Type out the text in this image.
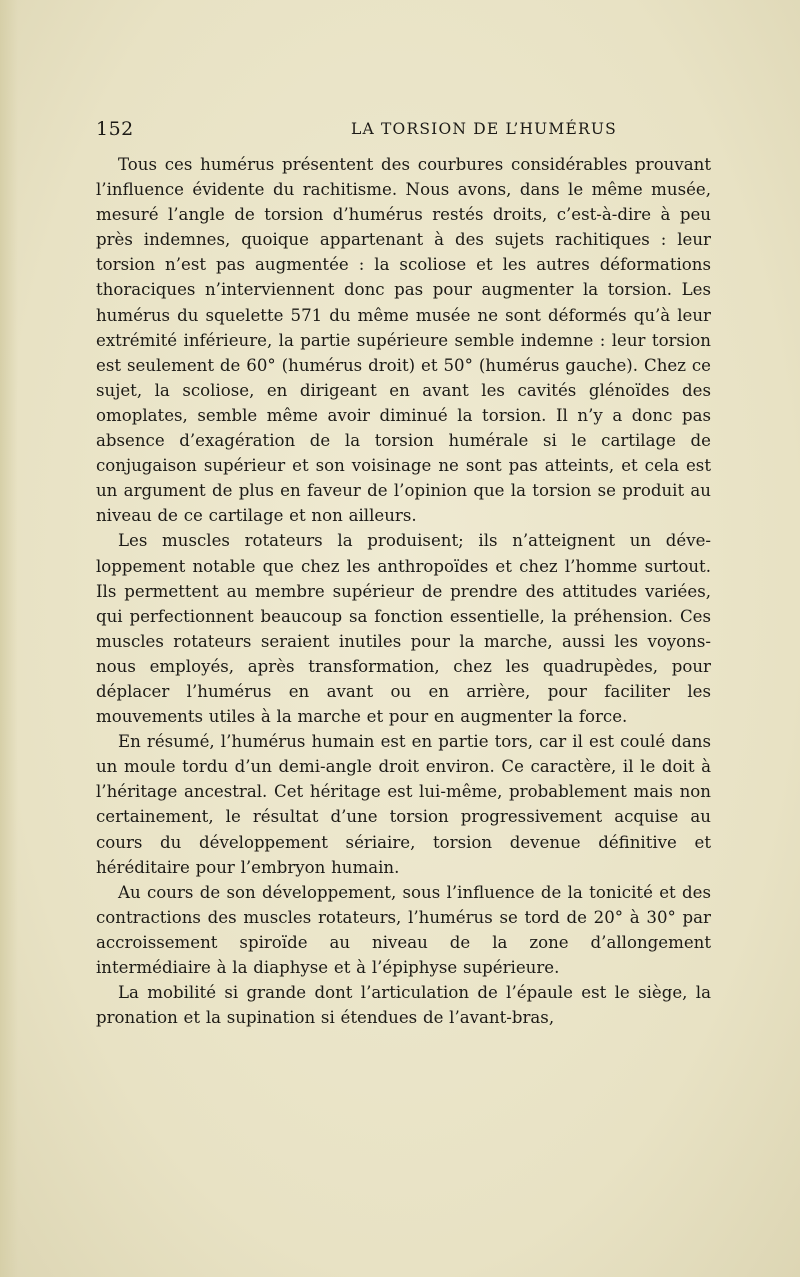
152	LA TORSION DE L’HUMÉRUS

Tous ces humérus présentent des courbures considérables prouvant l’influence évidente du rachitisme. Nous avons, dans le même musée, mesuré l’angle de torsion d’humérus restés droits, c’est-à-dire à peu près indemnes, quoique appartenant à des sujets rachitiques : leur torsion n’est pas augmentée : la scoliose et les autres déformations thoraciques n’interviennent donc pas pour augmenter la torsion. Les humérus du squelette 571 du même musée ne sont déformés qu’à leur extrémité inférieure, la partie supérieure semble indemne : leur torsion est seulement de 60° (humérus droit) et 50° (humérus gauche). Chez ce sujet, la scoliose, en dirigeant en avant les cavités glénoïdes des omoplates, semble même avoir diminué la torsion. Il n’y a donc pas absence d’exagération de la torsion humérale si le cartilage de conjugaison supérieur et son voisinage ne sont pas atteints, et cela est un argument de plus en faveur de l’opinion que la torsion se produit au niveau de ce cartilage et non ailleurs.

Les muscles rotateurs la produisent; ils n’atteignent un développement notable que chez les anthropoïdes et chez l’homme surtout. Ils permettent au membre supérieur de prendre des attitudes variées, qui perfectionnent beaucoup sa fonction essentielle, la préhension. Ces muscles rotateurs seraient inutiles pour la marche, aussi les voyons-nous employés, après transformation, chez les quadrupèdes, pour déplacer l’humérus en avant ou en arrière, pour faciliter les mouvements utiles à la marche et pour en augmenter la force.

En résumé, l’humérus humain est en partie tors, car il est coulé dans un moule tordu d’un demi-angle droit environ. Ce caractère, il le doit à l’héritage ancestral. Cet héritage est lui-même, probablement mais non certainement, le résultat d’une torsion progressivement acquise au cours du développement sériaire, torsion devenue définitive et héréditaire pour l’embryon humain.

Au cours de son développement, sous l’influence de la tonicité et des contractions des muscles rotateurs, l’humérus se tord de 20° à 30° par accroissement spiroïde au niveau de la zone d’allongement intermédiaire à la diaphyse et à l’épiphyse supérieure.

La mobilité si grande dont l’articulation de l’épaule est le siège, la pronation et la supination si étendues de l’avant-bras,
